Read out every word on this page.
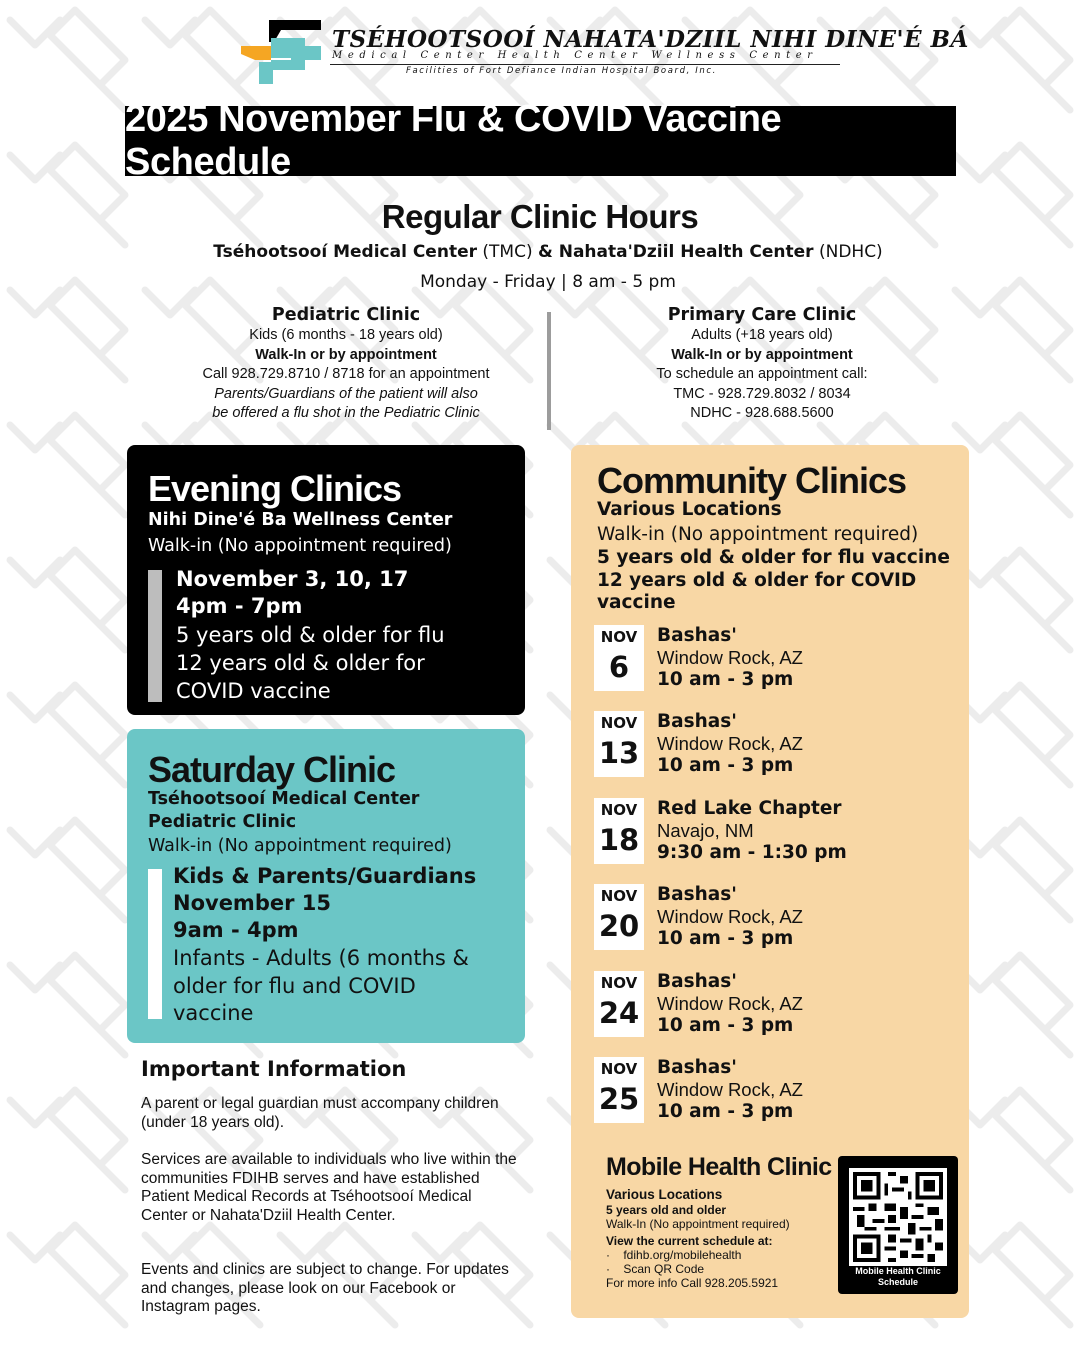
TSÉHOOTSOOÍ NAHATA'DZIIL NIHI DINE'É BÁ
Medical Center Health Center Wellness Center
Facilities of Fort Defiance Indian Hospital Board, Inc.
2025 November Flu & COVID Vaccine Schedule
Regular Clinic Hours
Tséhootsooí Medical Center (TMC) & Nahata'Dziil Health Center (NDHC)
Monday - Friday | 8 am - 5 pm
Pediatric Clinic
Kids (6 months - 18 years old)
Walk-In or by appointment
Call 928.729.8710 / 8718 for an appointment
Parents/Guardians of the patient will also
be offered a flu shot in the Pediatric Clinic
Primary Care Clinic
Adults (+18 years old)
Walk-In or by appointment
To schedule an appointment call:
TMC - 928.729.8032 / 8034
NDHC - 928.688.5600
Evening Clinics
Nihi Dine'é Ba Wellness Center
Walk-in (No appointment required)
November 3, 10, 17
4pm - 7pm
5 years old & older for flu
12 years old & older for
COVID vaccine
Saturday Clinic
Tséhootsooí Medical Center
Pediatric Clinic
Walk-in (No appointment required)
Kids & Parents/Guardians
November 15
9am - 4pm
Infants - Adults (6 months &
older for flu and COVID
vaccine
Important Information
A parent or legal guardian must accompany children (under 18 years old).
Services are available to individuals who live within the communities FDIHB serves and have established Patient Medical Records at Tséhootsooí Medical Center or Nahata'Dziil Health Center.
Events and clinics are subject to change. For updates and changes, please look on our Facebook or Instagram pages.
Community Clinics
Various Locations
Walk-in (No appointment required)
5 years old & older for flu vaccine
12 years old & older for COVID
vaccine
NOV
6
Bashas'
Window Rock, AZ
10 am - 3 pm
NOV
13
Bashas'
Window Rock, AZ
10 am - 3 pm
NOV
18
Red Lake Chapter
Navajo, NM
9:30 am - 1:30 pm
NOV
20
Bashas'
Window Rock, AZ
10 am - 3 pm
NOV
24
Bashas'
Window Rock, AZ
10 am - 3 pm
NOV
25
Bashas'
Window Rock, AZ
10 am - 3 pm
Mobile Health Clinic
Various Locations
5 years old and older
Walk-In (No appointment required)
View the current schedule at:
·    fdihb.org/mobilehealth
·    Scan QR Code
For more info Call 928.205.5921
Mobile Health Clinic
Schedule
